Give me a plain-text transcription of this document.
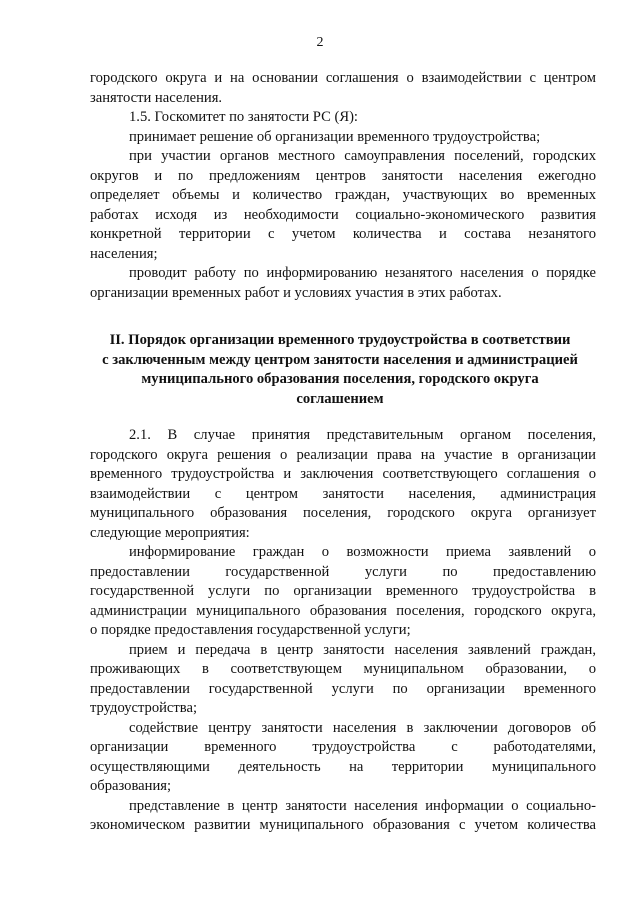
2
городского округа и на основании соглашения о взаимодействии с центром
занятости населения.
1.5. Госкомитет по занятости РС (Я):
принимает решение об организации временного трудоустройства;
при участии органов местного самоуправления поселений, городских
округов и по предложениям центров занятости населения ежегодно
определяет объемы и количество граждан, участвующих во временных
работах исходя из необходимости социально-экономического развития
конкретной территории с учетом количества и состава незанятого
населения;
проводит работу по информированию незанятого населения о порядке
организации временных работ и условиях участия в этих работах.
II. Порядок организации временного трудоустройства в соответствии
с заключенным между центром занятости населения и администрацией
муниципального образования поселения, городского округа
соглашением
2.1. В случае принятия представительным органом поселения,
городского округа решения о реализации права на участие в организации
временного трудоустройства и заключения соответствующего соглашения о
взаимодействии с центром занятости населения, администрация
муниципального образования поселения, городского округа организует
следующие мероприятия:
информирование граждан о возможности приема заявлений о
предоставлении государственной услуги по предоставлению
государственной услуги по организации временного трудоустройства в
администрации муниципального образования поселения, городского округа,
о порядке предоставления государственной услуги;
прием и передача в центр занятости населения заявлений граждан,
проживающих в соответствующем муниципальном образовании, о
предоставлении государственной услуги по организации временного
трудоустройства;
содействие центру занятости населения в заключении договоров об
организации временного трудоустройства с работодателями,
осуществляющими деятельность на территории муниципального
образования;
представление в центр занятости населения информации о социально-
экономическом развитии муниципального образования с учетом количества
